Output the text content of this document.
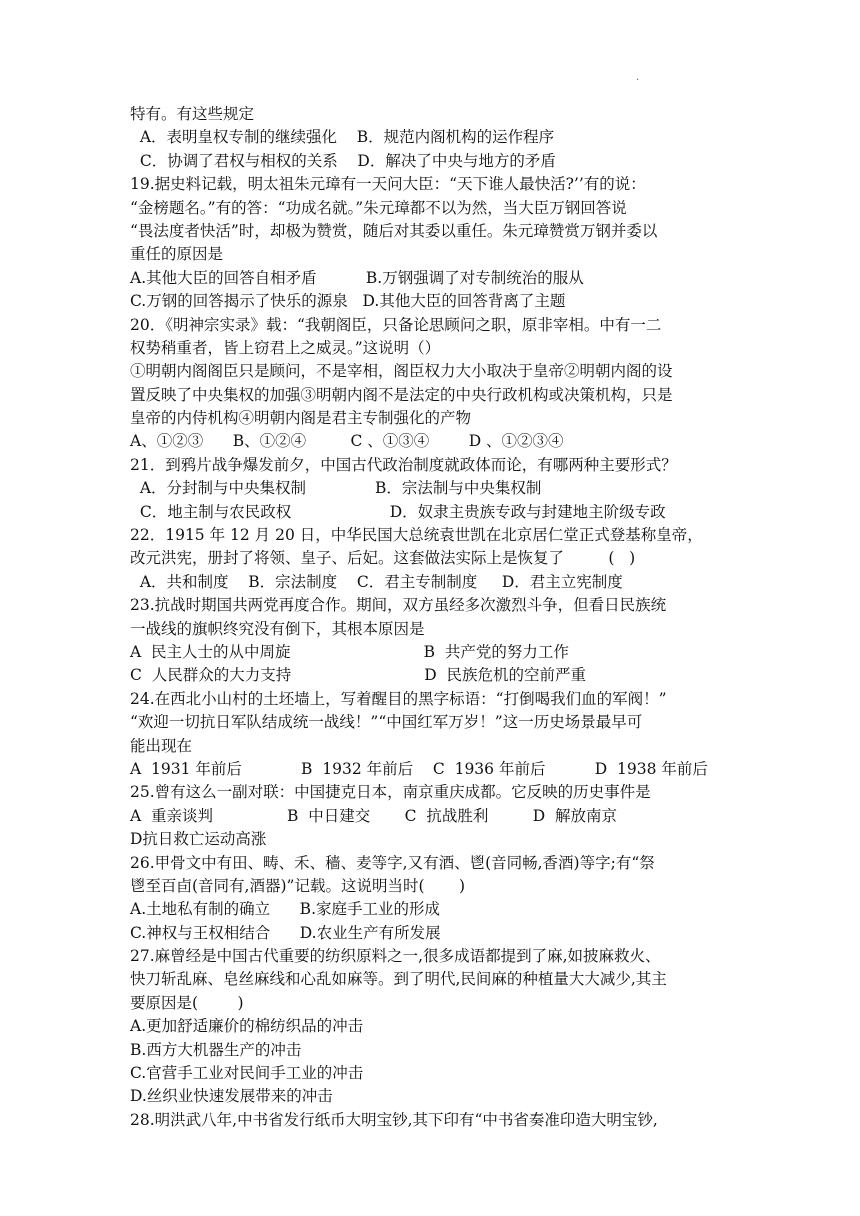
.
特有。有这些规定
A．表明皇权专制的继续强化    B．规范内阁机构的运作程序
C．协调了君权与相权的关系    D．解决了中央与地方的矛盾
19.据史料记载，明太祖朱元璋有一天问大臣：“天下谁人最快活?’’有的说：
“金榜题名。”有的答：“功成名就。”朱元璋都不以为然，当大臣万钢回答说
“畏法度者快活”时，却极为赞赏，随后对其委以重任。朱元璋赞赏万钢并委以
重任的原因是
A.其他大臣的回答自相矛盾          B.万钢强调了对专制统治的服从
C.万钢的回答揭示了快乐的源泉   D.其他大臣的回答背离了主题
20．《明神宗实录》载：“我朝阁臣，只备论思顾问之职，原非宰相。中有一二
权势稍重者，皆上窃君上之威灵。”这说明（）
①明朝内阁阁臣只是顾问，不是宰相，阁臣权力大小取决于皇帝②明朝内阁的设
置反映了中央集权的加强③明朝内阁不是法定的中央行政机构或决策机构，只是
皇帝的内侍机构④明朝内阁是君主专制强化的产物
A、①②③      B、①②④         C 、①③④        D 、①②③④
21．到鸦片战争爆发前夕，中国古代政治制度就政体而论，有哪两种主要形式？
A．分封制与中央集权制              B．宗法制与中央集权制
C．地主制与农民政权                    D．奴隶主贵族专政与封建地主阶级专政
22．1915 年 12 月 20 日，中华民国大总统袁世凯在北京居仁堂正式登基称皇帝，
改元洪宪，册封了将领、皇子、后妃。这套做法实际上是恢复了         (   )
A．共和制度    B．宗法制度    C．君主专制制度     D．君主立宪制度
23.抗战时期国共两党再度合作。期间，双方虽经多次激烈斗争，但看日民族统
一战线的旗帜终究没有倒下，其根本原因是
A  民主人士的从中周旋                           B  共产党的努力工作
C  人民群众的大力支持                           D  民族危机的空前严重
24.在西北小山村的土坯墙上，写着醒目的黑字标语：“打倒喝我们血的军阀！”
“欢迎一切抗日军队结成统一战线！”“中国红军万岁！”这一历史场景最早可
能出现在
A  1931 年前后            B  1932 年前后    C  1936 年前后          D  1938 年前后
25.曾有这么一副对联：中国捷克日本，南京重庆成都。它反映的历史事件是
A  重亲谈判               B  中日建交       C  抗战胜利         D  解放南京
D抗日救亡运动高涨
26.甲骨文中有田、畴、禾、穑、麦等字,又有酒、鬯(音同畅,香酒)等字;有“祭
鬯至百卣(音同有,酒器)”记载。这说明当时(       )
A.土地私有制的确立      B.家庭手工业的形成
C.神权与王权相结合      D.农业生产有所发展
27.麻曾经是中国古代重要的纺织原料之一,很多成语都提到了麻,如披麻救火、
快刀斩乱麻、皂丝麻线和心乱如麻等。到了明代,民间麻的种植量大大减少,其主
要原因是(        )
A.更加舒适廉价的棉纺织品的冲击
B.西方大机器生产的冲击
C.官营手工业对民间手工业的冲击
D.丝织业快速发展带来的冲击
28.明洪武八年,中书省发行纸币大明宝钞,其下印有“中书省奏准印造大明宝钞,
